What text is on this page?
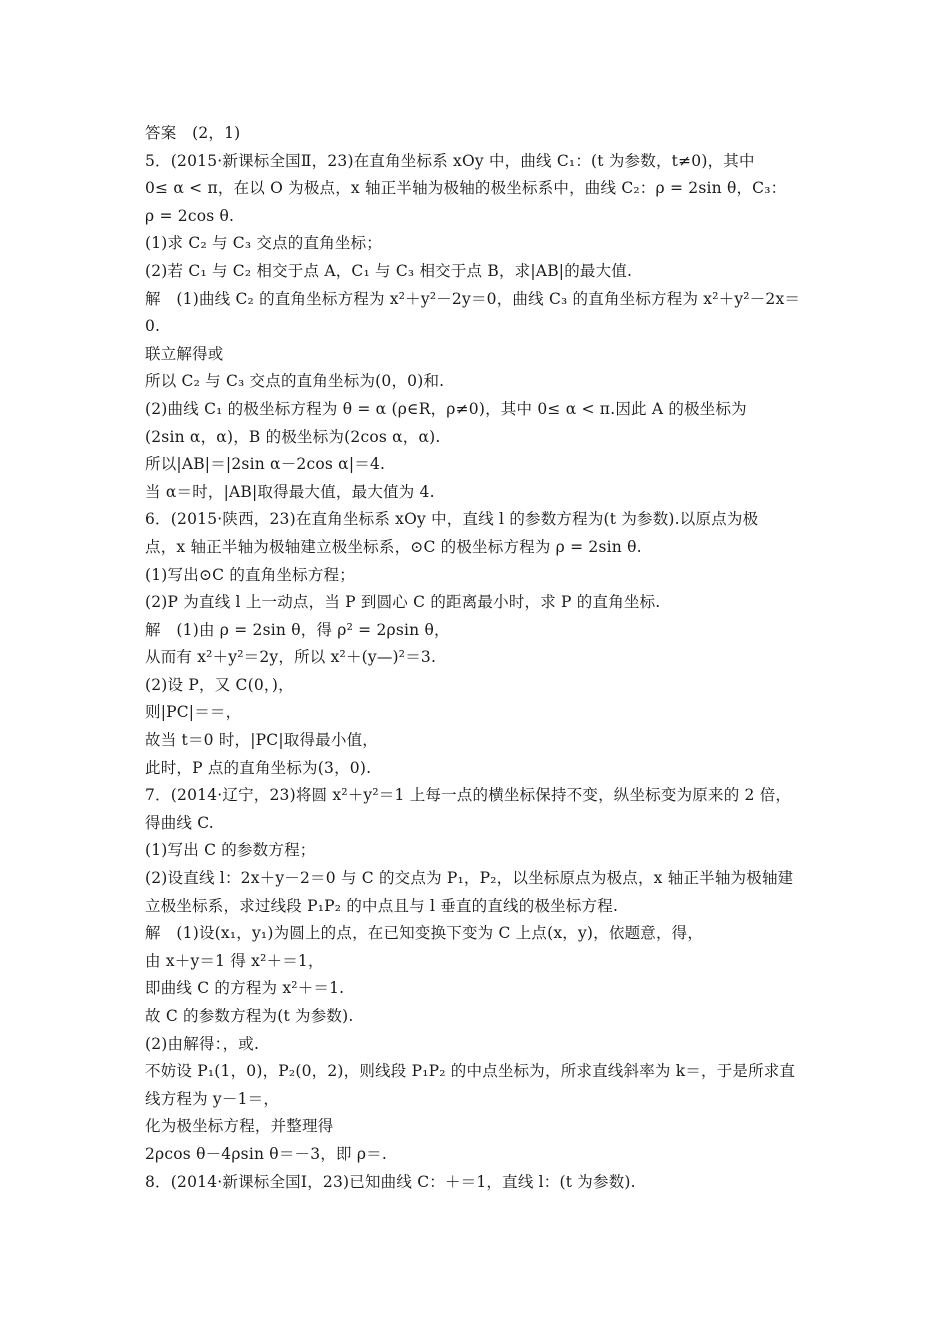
答案　(2，1)
5．(2015·新课标全国Ⅱ，23)在直角坐标系 xOy 中，曲线 C₁：(t 为参数，t≠0)，其中
0≤ α < π，在以 O 为极点，x 轴正半轴为极轴的极坐标系中，曲线 C₂：ρ = 2sin θ，C₃：
ρ = 2cos θ.
(1)求 C₂ 与 C₃ 交点的直角坐标；
(2)若 C₁ 与 C₂ 相交于点 A，C₁ 与 C₃ 相交于点 B，求|AB|的最大值.
解　(1)曲线 C₂ 的直角坐标方程为 x²＋y²－2y＝0，曲线 C₃ 的直角坐标方程为 x²＋y²－2x＝
0.
联立解得或
所以 C₂ 与 C₃ 交点的直角坐标为(0，0)和.
(2)曲线 C₁ 的极坐标方程为 θ = α (ρ∈R，ρ≠0)，其中 0≤ α < π.因此 A 的极坐标为
(2sin α，α)，B 的极坐标为(2cos α，α).
所以|AB|＝|2sin α－2cos α|＝4.
当 α＝时，|AB|取得最大值，最大值为 4.
6．(2015·陕西，23)在直角坐标系 xOy 中，直线 l 的参数方程为(t 为参数).以原点为极
点，x 轴正半轴为极轴建立极坐标系，⊙C 的极坐标方程为 ρ = 2sin θ.
(1)写出⊙C 的直角坐标方程；
(2)P 为直线 l 上一动点，当 P 到圆心 C 的距离最小时，求 P 的直角坐标.
解　(1)由 ρ = 2sin θ，得 ρ² = 2ρsin θ，
从而有 x²＋y²＝2y，所以 x²＋(y—)²＝3.
(2)设 P，又 C(0，)，
则|PC|＝＝，
故当 t＝0 时，|PC|取得最小值，
此时，P 点的直角坐标为(3，0).
7．(2014·辽宁，23)将圆 x²＋y²＝1 上每一点的横坐标保持不变，纵坐标变为原来的 2 倍，
得曲线 C.
(1)写出 C 的参数方程；
(2)设直线 l：2x＋y－2＝0 与 C 的交点为 P₁，P₂，以坐标原点为极点，x 轴正半轴为极轴建
立极坐标系，求过线段 P₁P₂ 的中点且与 l 垂直的直线的极坐标方程.
解　(1)设(x₁，y₁)为圆上的点，在已知变换下变为 C 上点(x，y)，依题意，得，
由 x＋y＝1 得 x²＋＝1，
即曲线 C 的方程为 x²＋＝1.
故 C 的参数方程为(t 为参数).
(2)由解得：，或.
不妨设 P₁(1，0)，P₂(0，2)，则线段 P₁P₂ 的中点坐标为，所求直线斜率为 k＝，于是所求直
线方程为 y－1＝，
化为极坐标方程，并整理得
2ρcos θ－4ρsin θ＝－3，即 ρ＝.
8．(2014·新课标全国Ⅰ，23)已知曲线 C：＋＝1，直线 l：(t 为参数).
